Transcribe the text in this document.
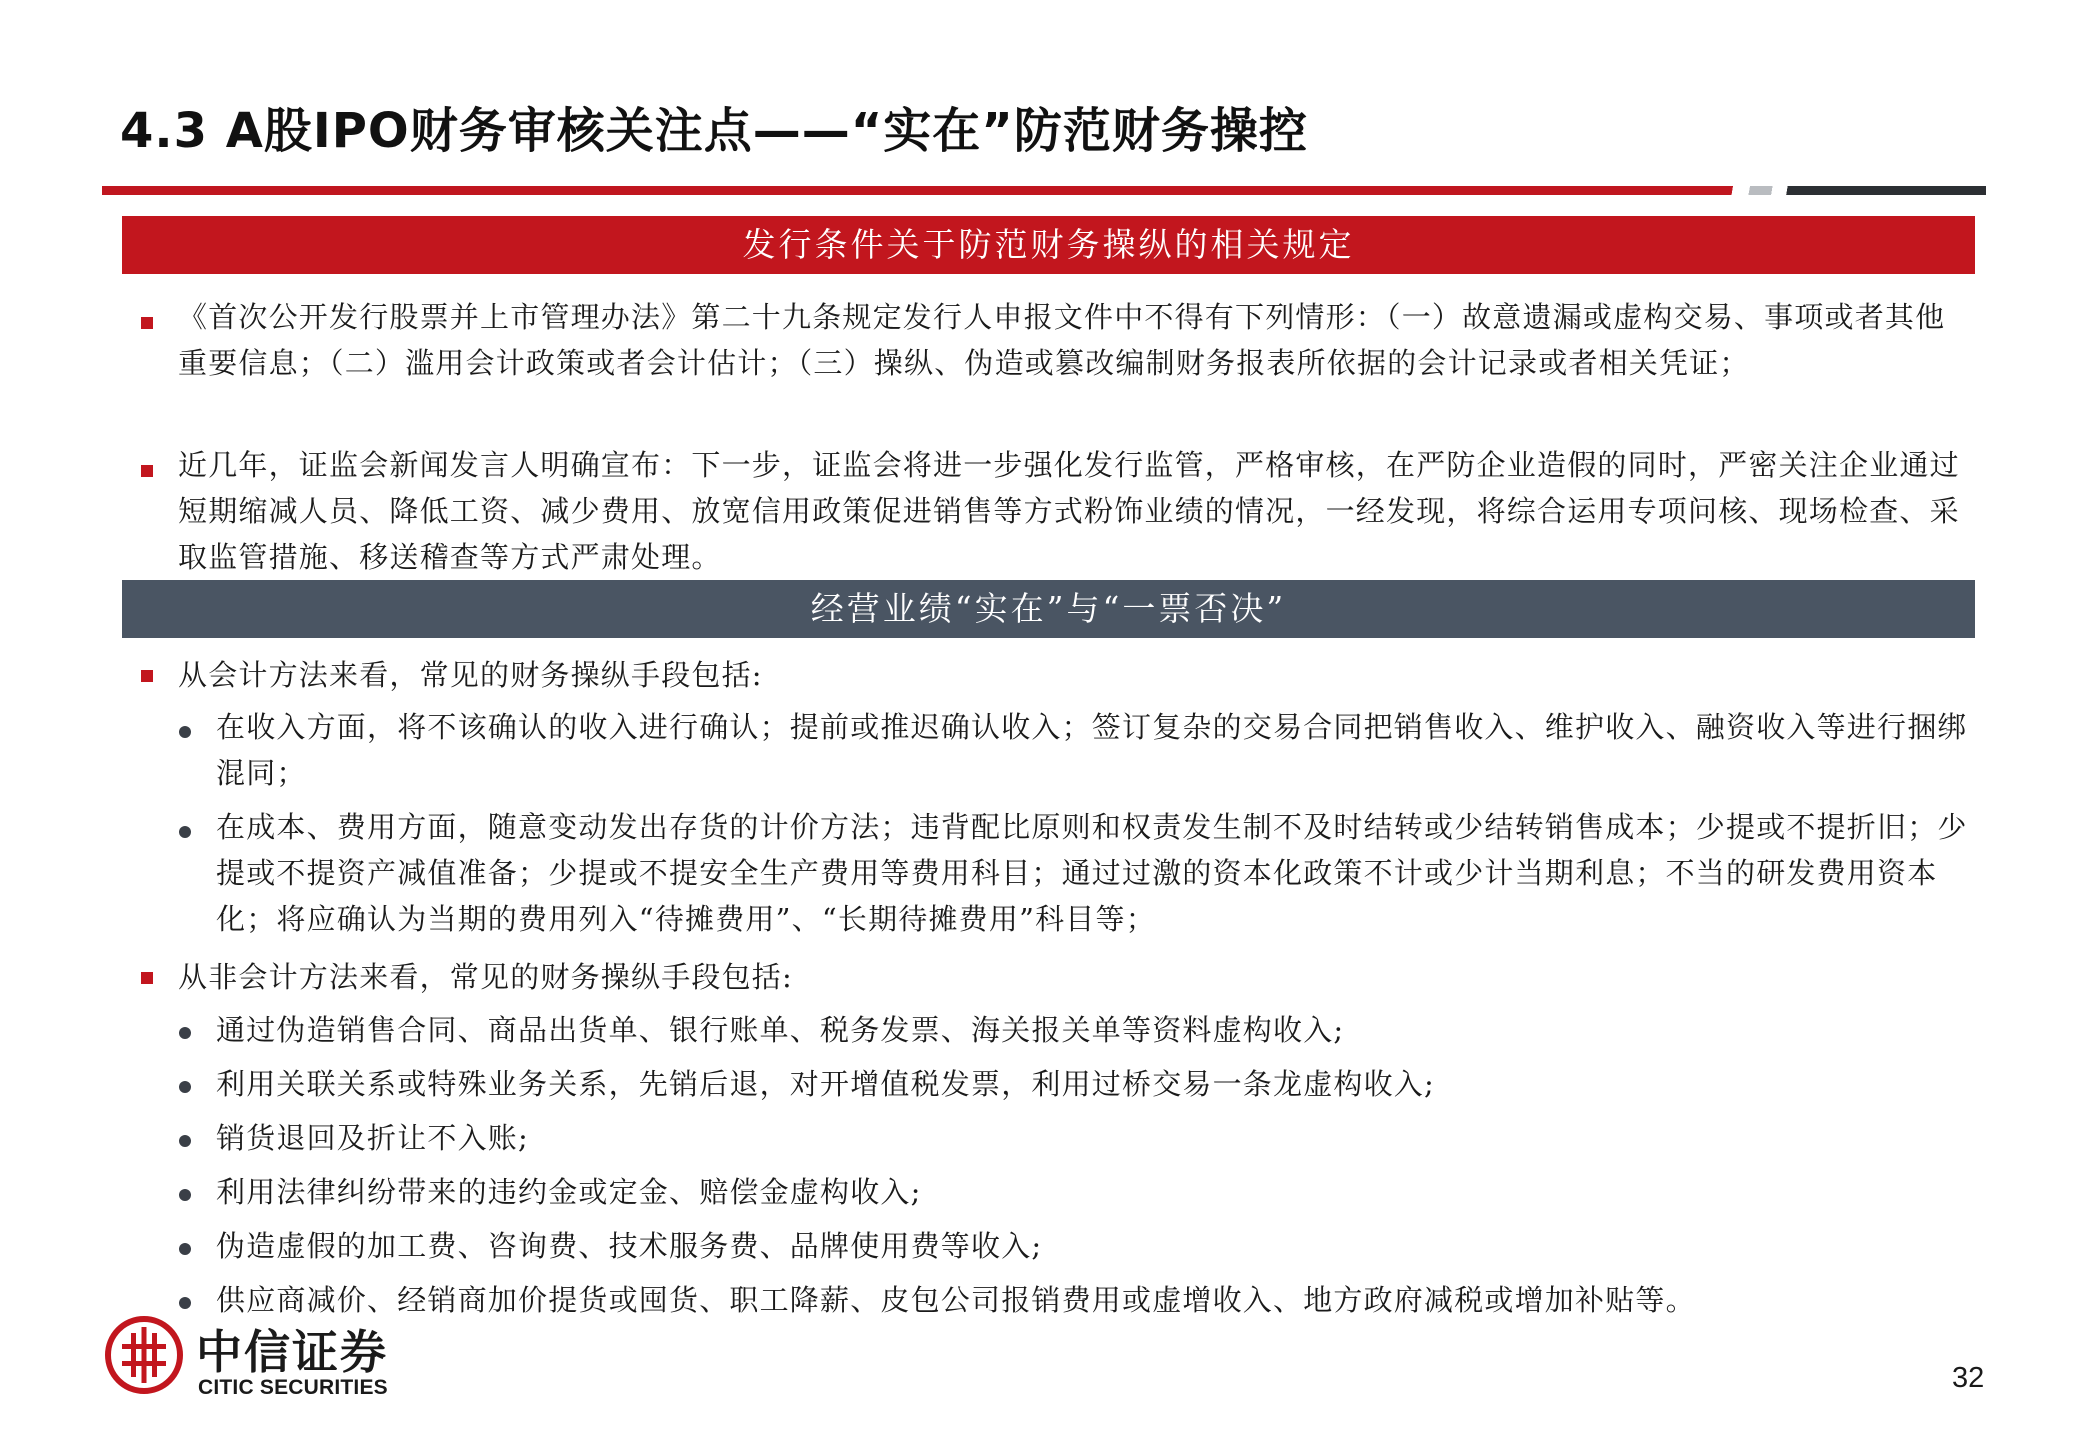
4.3 A股IPO财务审核关注点——“实在”防范财务操控
发行条件关于防范财务操纵的相关规定
《首次公开发行股票并上市管理办法》第二十九条规定发行人申报文件中不得有下列情形：（一）故意遗漏或虚构交易、事项或者其他重要信息；（二）滥用会计政策或者会计估计；（三）操纵、伪造或篡改编制财务报表所依据的会计记录或者相关凭证；
近几年，证监会新闻发言人明确宣布：下一步，证监会将进一步强化发行监管，严格审核，在严防企业造假的同时，严密关注企业通过短期缩减人员、降低工资、减少费用、放宽信用政策促进销售等方式粉饰业绩的情况，一经发现，将综合运用专项问核、现场检查、采取监管措施、移送稽查等方式严肃处理。
经营业绩“实在”与“一票否决”
从会计方法来看，常见的财务操纵手段包括:
在收入方面，将不该确认的收入进行确认；提前或推迟确认收入；签订复杂的交易合同把销售收入、维护收入、融资收入等进行捆绑混同；
在成本、费用方面，随意变动发出存货的计价方法；违背配比原则和权责发生制不及时结转或少结转销售成本；少提或不提折旧；少提或不提资产减值准备；少提或不提安全生产费用等费用科目；通过过激的资本化政策不计或少计当期利息；不当的研发费用资本化；将应确认为当期的费用列入“待摊费用”、“长期待摊费用”科目等；
从非会计方法来看，常见的财务操纵手段包括:
通过伪造销售合同、商品出货单、银行账单、税务发票、海关报关单等资料虚构收入;
利用关联关系或特殊业务关系，先销后退，对开增值税发票，利用过桥交易一条龙虚构收入;
销货退回及折让不入账;
利用法律纠纷带来的违约金或定金、赔偿金虚构收入;
伪造虚假的加工费、咨询费、技术服务费、品牌使用费等收入;
供应商减价、经销商加价提货或囤货、职工降薪、皮包公司报销费用或虚增收入、地方政府减税或增加补贴等。
中信证券
CITIC SECURITIES	32
